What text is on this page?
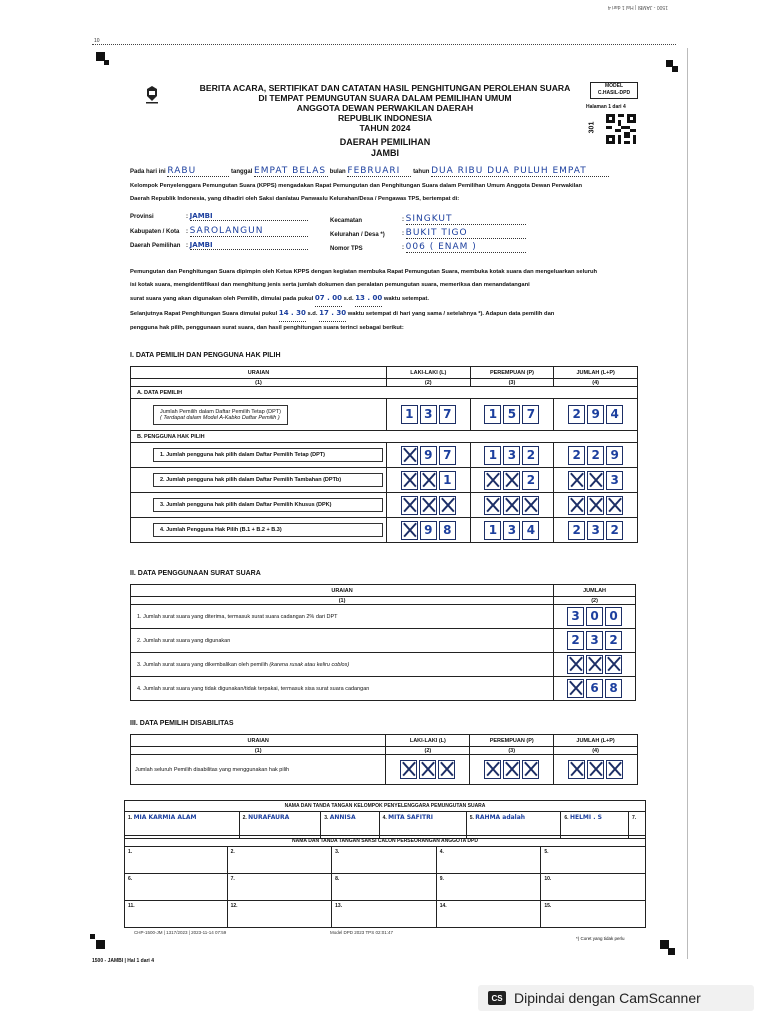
1500 - JAMBI | Hal 1 dari 4
10
BERITA ACARA, SERTIFIKAT DAN CATATAN HASIL PENGHITUNGAN PEROLEHAN SUARA
DI TEMPAT PEMUNGUTAN SUARA DALAM PEMILIHAN UMUM
ANGGOTA DEWAN PERWAKILAN DAERAH
REPUBLIK INDONESIA
TAHUN 2024
DAERAH PEMILIHAN
JAMBI
MODEL
C.HASIL-DPD
Halaman 1 dari 4
301
Pada hari ini RABU	tanggal EMPAT BELAS bulan FEBRUARI tahun DUA RIBU DUA PULUH EMPAT
Kelompok Penyelenggara Pemungutan Suara (KPPS) mengadakan Rapat Pemungutan dan Penghitungan Suara dalam Pemilihan Umum Anggota Dewan Perwakilan
Daerah Republik Indonesia, yang dihadiri oleh Saksi dan/atau Panwaslu Kelurahan/Desa / Pengawas TPS, bertempat di:
Provinsi	: JAMBI
Kabupaten / Kota : SAROLANGUN
Daerah Pemilihan : JAMBI
Kecamatan	: SINGKUT
Kelurahan / Desa *)	: BUKIT TIGO
Nomor TPS	: 006 ( ENAM )
Pemungutan dan Penghitungan Suara dipimpin oleh Ketua KPPS dengan kegiatan membuka Rapat Pemungutan Suara, membuka kotak suara dan mengeluarkan seluruh
isi kotak suara, mengidentifikasi dan menghitung jenis serta jumlah dokumen dan peralatan pemungutan suara, memeriksa dan menandatangani
surat suara yang akan digunakan oleh Pemilih, dimulai pada pukul 07 . 00 s.d. 13 . 00 waktu setempat.
Selanjutnya Rapat Penghitungan Suara dimulai pukul 14 . 30 s.d. 17 . 30 waktu setempat di hari yang sama / setelahnya *). Adapun data pemilih dan
pengguna hak pilih, penggunaan surat suara, dan hasil penghitungan suara terinci sebagai berikut:
I. DATA PEMILIH DAN PENGGUNA HAK PILIH
URAIAN	LAKI-LAKI (L)	PEREMPUAN (P)	JUMLAH (L+P)
(1)	(2)	(3)	(4)
A. DATA PEMILIH			

Jumlah Pemilih dalam Daftar Pemilih Tetap (DPT)
( Terdapat dalam Model A-Kabko Daftar Pemilih )	1 3 7	1 5 7	2 9 4
B. PENGGUNA HAK PILIH			
1. Jumlah pengguna hak pilih dalam Daftar Pemilih Tetap (DPT)	9 7	1 3 2	2 2 9
2. Jumlah pengguna hak pilih dalam Daftar Pemilih Tambahan (DPTb)	1	2	3
3. Jumlah pengguna hak pilih dalam Daftar Pemilih Khusus (DPK)			
4. Jumlah Pengguna Hak Pilih (B.1 + B.2 + B.3)	9 8	1 3 4	2 3 2
II. DATA PENGGUNAAN SURAT SUARA
URAIAN	JUMLAH
(1)	(2)
1. Jumlah surat suara yang diterima, termasuk surat suara cadangan 2% dari DPT	3 0 0
2. Jumlah surat suara yang digunakan	2 3 2
3. Jumlah surat suara yang dikembalikan oleh pemilih (karena rusak atau keliru coblos)	
4. Jumlah surat suara yang tidak digunakan/tidak terpakai, termasuk sisa surat suara cadangan	6 8
III. DATA PEMILIH DISABILITAS
URAIAN	LAKI-LAKI (L)	PEREMPUAN (P)	JUMLAH (L+P)
(1)	(2)	(3)	(4)
Jumlah seluruh Pemilih disabilitas yang menggunakan hak pilih			
NAMA DAN TANDA TANGAN KELOMPOK PENYELENGGARA PEMUNGUTAN SUARA
1. MIA KARMIA ALAM	2. NURAFAURA	3. ANNISA	4. MITA SAFITRI	5. RAHMA adalah	6. HELMI . S	7.
NAMA DAN TANDA TANGAN SAKSI CALON PERSEORANGAN ANGGOTA DPD				
1.	2.	3.	4.	5.
6.	7.	8.	9.	10.
11.	12.	13.	14.	15.
CHP-1500-JM | 1317/2023 | 2023-11-14 07:59	Model DPD 2023 TPS 02:01:47
*) Coret yang tidak perlu
1500 - JAMBI | Hal 1 dari 4
CS Dipindai dengan CamScanner
